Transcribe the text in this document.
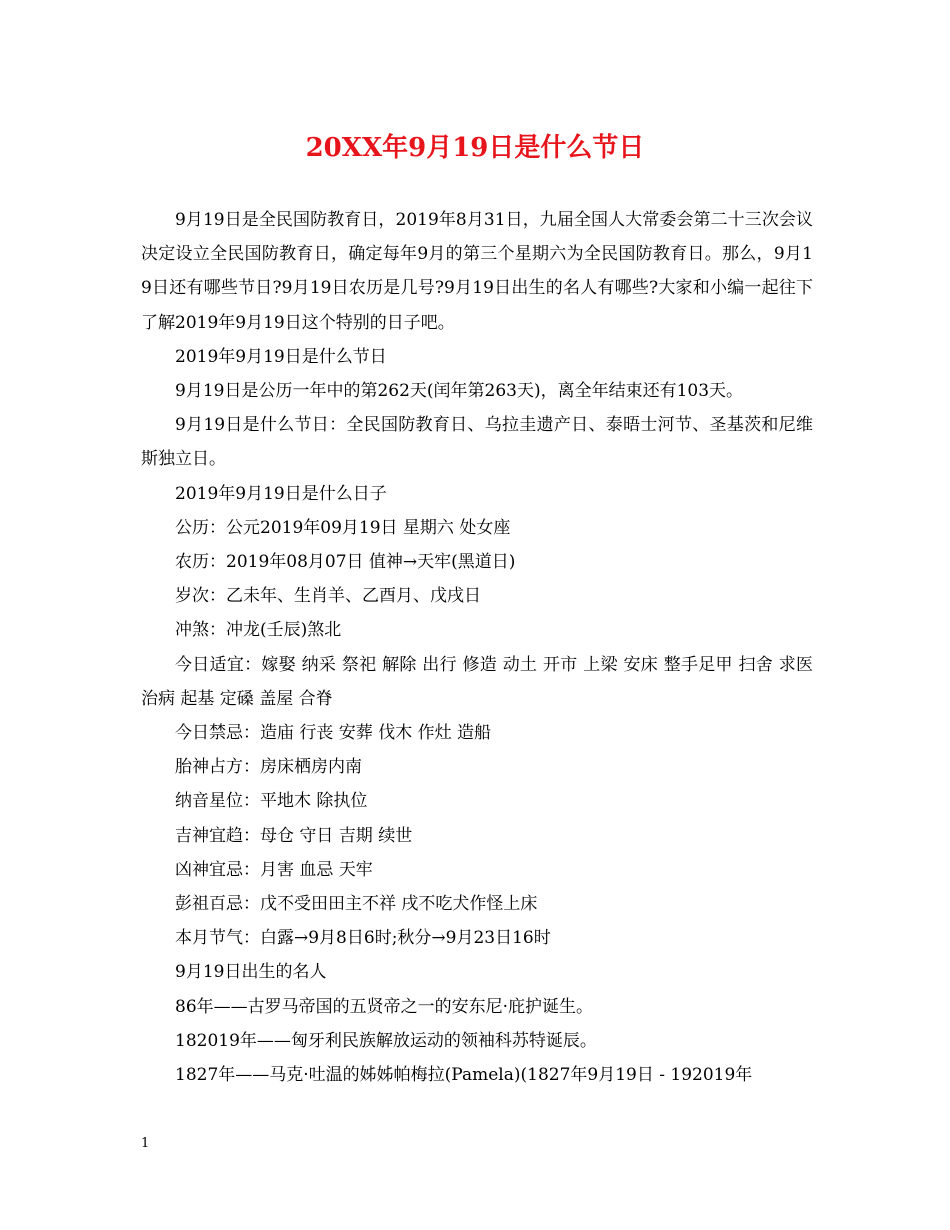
20XX年9月19日是什么节日

9月19日是全民国防教育日，2019年8月31日，九届全国人大常委会第二十三次会议决定设立全民国防教育日，确定每年9月的第三个星期六为全民国防教育日。那么，9月19日还有哪些节日?9月19日农历是几号?9月19日出生的名人有哪些?大家和小编一起往下了解2019年9月19日这个特别的日子吧。

2019年9月19日是什么节日

9月19日是公历一年中的第262天(闰年第263天)，离全年结束还有103天。

9月19日是什么节日：全民国防教育日、乌拉圭遗产日、泰晤士河节、圣基茨和尼维斯独立日。

2019年9月19日是什么日子

公历：公元2019年09月19日 星期六 处女座

农历：2019年08月07日 值神→天牢(黑道日)

岁次：乙未年、生肖羊、乙酉月、戊戌日

冲煞：冲龙(壬辰)煞北

今日适宜：嫁娶 纳采 祭祀 解除 出行 修造 动土 开市 上梁 安床 整手足甲 扫舍 求医 治病 起基 定磉 盖屋 合脊

今日禁忌：造庙 行丧 安葬 伐木 作灶 造船

胎神占方：房床栖房内南

纳音星位：平地木 除执位

吉神宜趋：母仓 守日 吉期 续世

凶神宜忌：月害 血忌 天牢

彭祖百忌：戊不受田田主不祥 戌不吃犬作怪上床

本月节气：白露→9月8日6时;秋分→9月23日16时

9月19日出生的名人

86年——古罗马帝国的五贤帝之一的安东尼·庇护诞生。

182019年——匈牙利民族解放运动的领袖科苏特诞辰。

1827年——马克·吐温的姊姊帕梅拉(Pamela)(1827年9月19日 - 192019年

1
